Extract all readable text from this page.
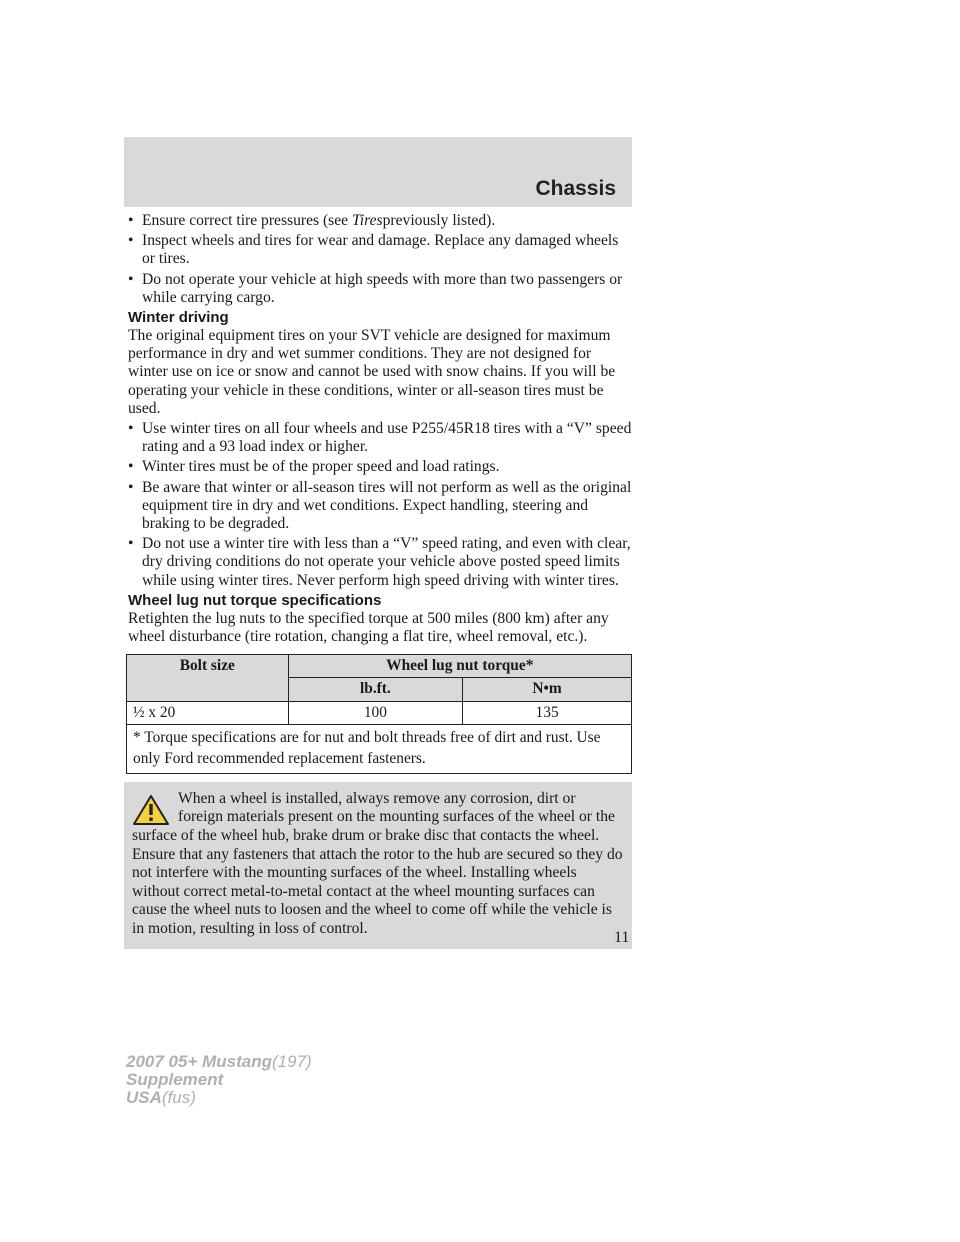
Chassis
• Ensure correct tire pressures (see Tirespreviously listed).
• Inspect wheels and tires for wear and damage. Replace any damaged wheels or tires.
• Do not operate your vehicle at high speeds with more than two passengers or while carrying cargo.
Winter driving

The original equipment tires on your SVT vehicle are designed for maximum performance in dry and wet summer conditions. They are not designed for winter use on ice or snow and cannot be used with snow chains. If you will be operating your vehicle in these conditions, winter or all-season tires must be used.

• Use winter tires on all four wheels and use P255/45R18 tires with a “V” speed rating and a 93 load index or higher.
• Winter tires must be of the proper speed and load ratings.
• Be aware that winter or all-season tires will not perform as well as the original equipment tire in dry and wet conditions. Expect handling, steering and braking to be degraded.
• Do not use a winter tire with less than a “V” speed rating, and even with clear, dry driving conditions do not operate your vehicle above posted speed limits while using winter tires. Never perform high speed driving with winter tires.
Wheel lug nut torque specifications

Retighten the lug nuts to the specified torque at 500 miles (800 km) after any wheel disturbance (tire rotation, changing a flat tire, wheel removal, etc.).

Bolt size	Wheel lug nut torque*	
	lb.ft.	N•m
½ x 20	100	135
* Torque specifications are for nut and bolt threads free of dirt and rust. Use only Ford recommended replacement fasteners.		
When a wheel is installed, always remove any corrosion, dirt or foreign materials present on the mounting surfaces of the wheel or the surface of the wheel hub, brake drum or brake disc that contacts the wheel. Ensure that any fasteners that attach the rotor to the hub are secured so they do not interfere with the mounting surfaces of the wheel. Installing wheels without correct metal-to-metal contact at the wheel mounting surfaces can cause the wheel nuts to loosen and the wheel to come off while the vehicle is in motion, resulting in loss of control.
11
2007 05+ Mustang(197)
Supplement
USA(fus)
